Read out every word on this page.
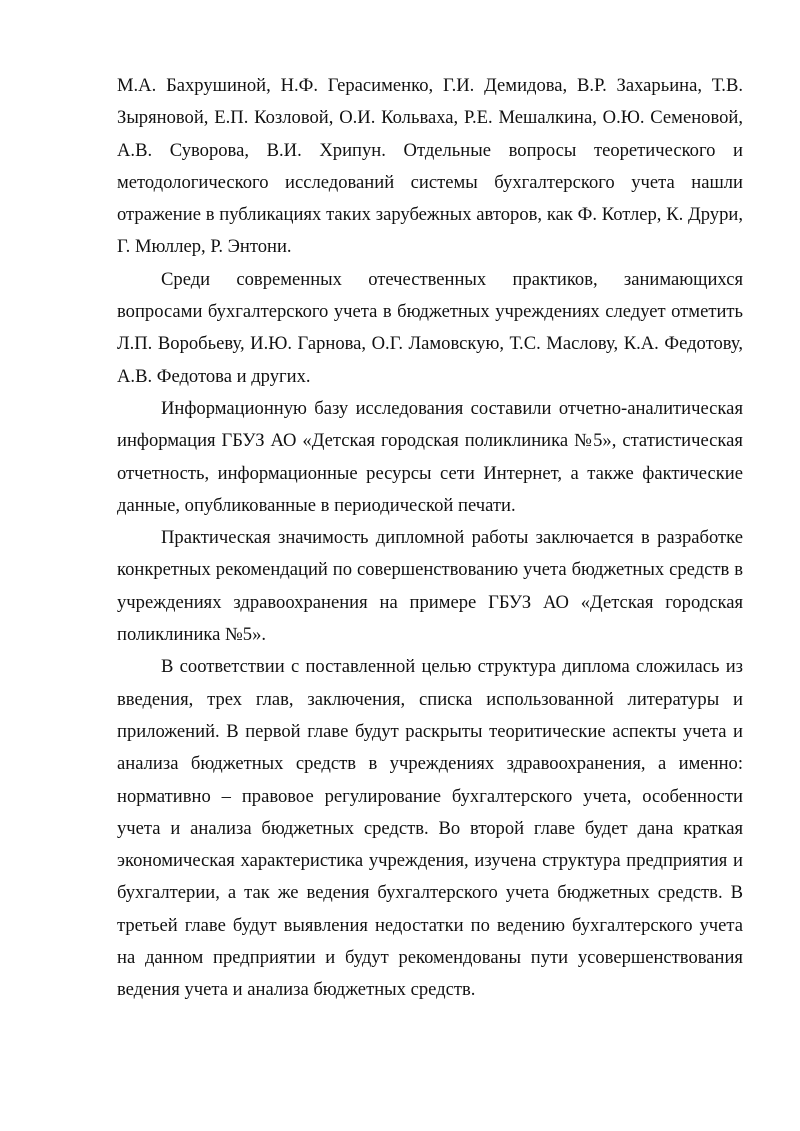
М.А. Бахрушиной, Н.Ф. Герасименко, Г.И. Демидова, В.Р. Захарьина, Т.В. Зыряновой, Е.П. Козловой, О.И. Кольваха, Р.Е. Мешалкина, О.Ю. Семеновой, А.В. Суворова, В.И. Хрипун. Отдельные вопросы теоретического и методологического исследований системы бухгалтерского учета нашли отражение в публикациях таких зарубежных авторов, как Ф. Котлер, К. Друри, Г. Мюллер, Р. Энтони.

Среди современных отечественных практиков, занимающихся вопросами бухгалтерского учета в бюджетных учреждениях следует отметить Л.П. Воробьеву, И.Ю. Гарнова, О.Г. Ламовскую, Т.С. Маслову, К.А. Федотову, А.В. Федотова и других.

Информационную базу исследования составили отчетно-аналитическая информация ГБУЗ АО «Детская городская поликлиника №5», статистическая отчетность, информационные ресурсы сети Интернет, а также фактические данные, опубликованные в периодической печати.

Практическая значимость дипломной работы заключается в разработке конкретных рекомендаций по совершенствованию учета бюджетных средств в учреждениях здравоохранения на примере ГБУЗ АО «Детская городская поликлиника №5».

В соответствии с поставленной целью структура диплома сложилась из введения, трех глав, заключения, списка использованной литературы и приложений. В первой главе будут раскрыты теоритические аспекты учета и анализа бюджетных средств в учреждениях здравоохранения, а именно: нормативно – правовое регулирование бухгалтерского учета, особенности учета и анализа бюджетных средств. Во второй главе будет дана краткая экономическая характеристика учреждения, изучена структура предприятия и бухгалтерии, а так же ведения бухгалтерского учета бюджетных средств. В третьей главе будут выявления недостатки по ведению бухгалтерского учета на данном предприятии и будут рекомендованы пути усовершенствования ведения учета и анализа бюджетных средств.
